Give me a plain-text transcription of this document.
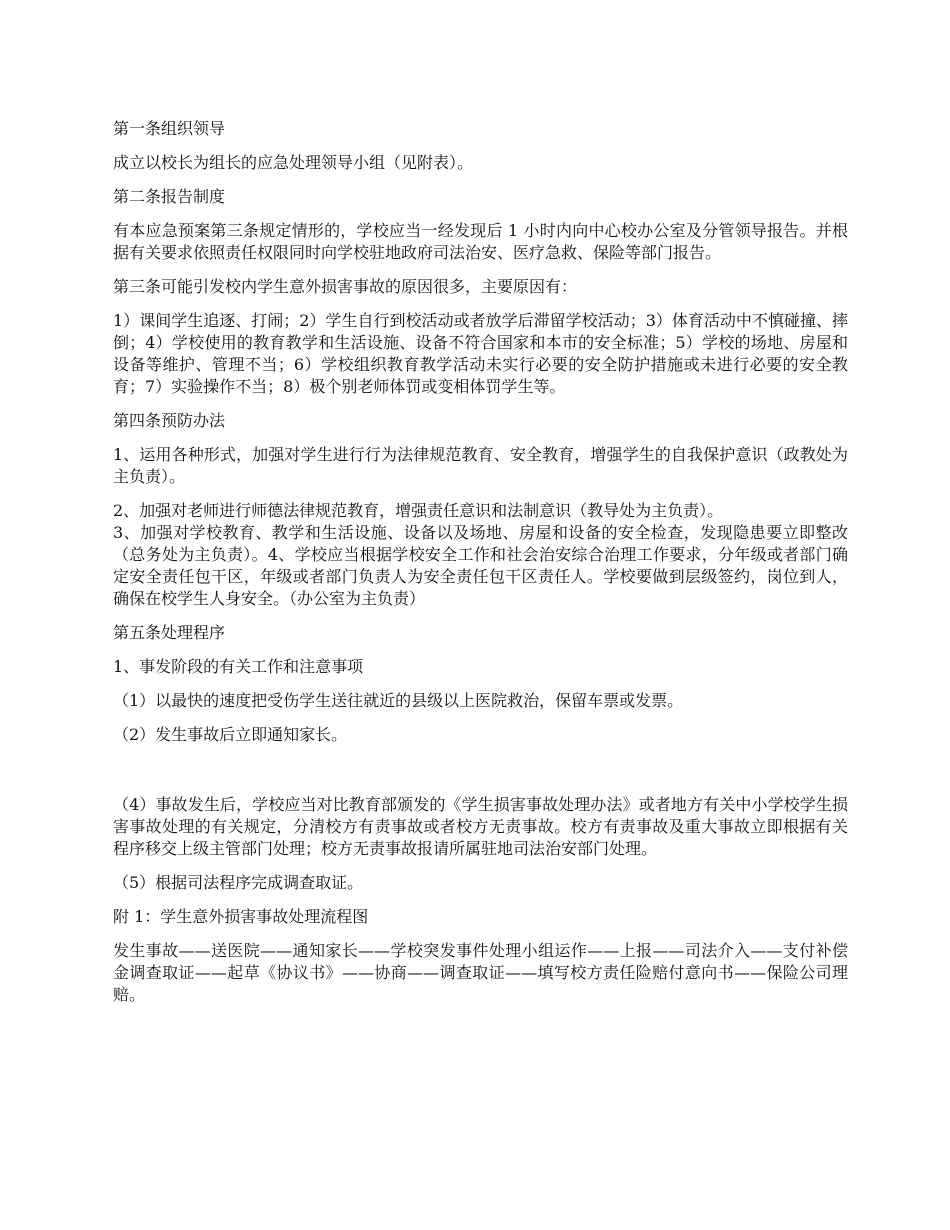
第一条组织领导

成立以校长为组长的应急处理领导小组（见附表）。

第二条报告制度

有本应急预案第三条规定情形的，学校应当一经发现后 1 小时内向中心校办公室及分管领导报告。并根据有关要求依照责任权限同时向学校驻地政府司法治安、医疗急救、保险等部门报告。

第三条可能引发校内学生意外损害事故的原因很多，主要原因有：

1）课间学生追逐、打闹；2）学生自行到校活动或者放学后滞留学校活动；3）体育活动中不慎碰撞、摔倒；4）学校使用的教育教学和生活设施、设备不符合国家和本市的安全标准；5）学校的场地、房屋和设备等维护、管理不当；6）学校组织教育教学活动未实行必要的安全防护措施或未进行必要的安全教育；7）实验操作不当；8）极个别老师体罚或变相体罚学生等。

第四条预防办法

1、运用各种形式，加强对学生进行行为法律规范教育、安全教育，增强学生的自我保护意识（政教处为主负责）。

2、加强对老师进行师德法律规范教育，增强责任意识和法制意识（教导处为主负责）。

3、加强对学校教育、教学和生活设施、设备以及场地、房屋和设备的安全检查，发现隐患要立即整改（总务处为主负责）。4、学校应当根据学校安全工作和社会治安综合治理工作要求，分年级或者部门确定安全责任包干区，年级或者部门负责人为安全责任包干区责任人。学校要做到层级签约，岗位到人，确保在校学生人身安全。（办公室为主负责）

第五条处理程序

1、事发阶段的有关工作和注意事项

（1）以最快的速度把受伤学生送往就近的县级以上医院救治，保留车票或发票。

（2）发生事故后立即通知家长。

（4）事故发生后，学校应当对比教育部颁发的《学生损害事故处理办法》或者地方有关中小学校学生损害事故处理的有关规定，分清校方有责事故或者校方无责事故。校方有责事故及重大事故立即根据有关程序移交上级主管部门处理；校方无责事故报请所属驻地司法治安部门处理。

（5）根据司法程序完成调查取证。

附 1：学生意外损害事故处理流程图

发生事故——送医院——通知家长——学校突发事件处理小组运作——上报——司法介入——支付补偿金调查取证——起草《协议书》——协商——调查取证——填写校方责任险赔付意向书——保险公司理赔。
